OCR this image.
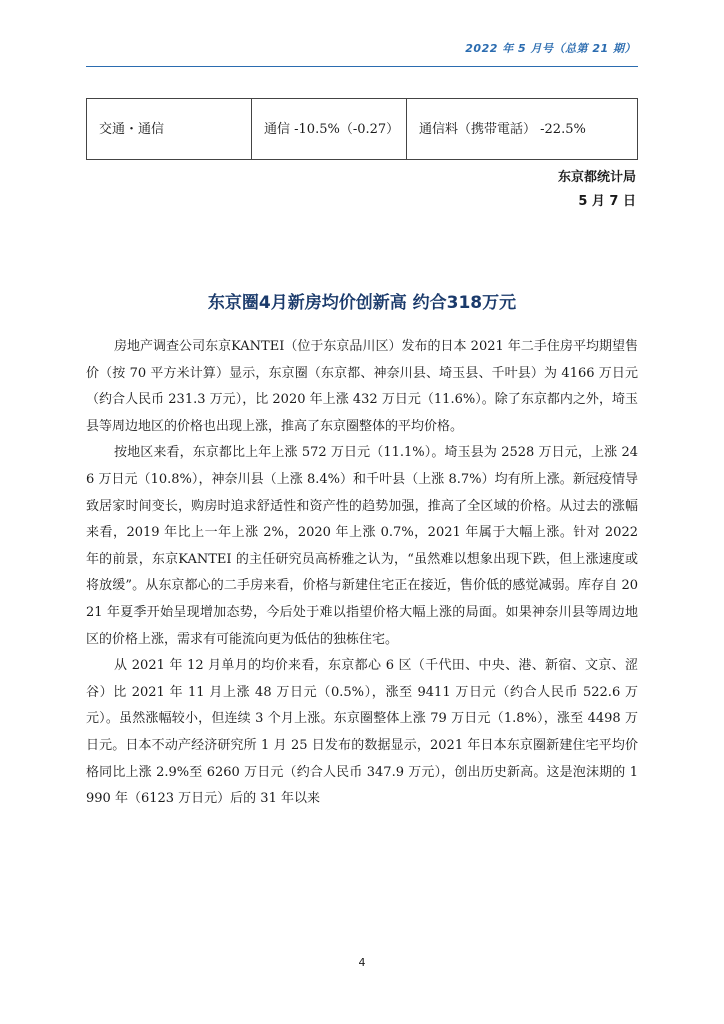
2022 年 5 月号（总第 21 期）
交通・通信	通信 -10.5%（-0.27）	通信料（携带電話） -22.5%
东京都统计局
5 月 7 日
东京圈4月新房均价创新高 约合318万元

房地产调查公司东京KANTEI（位于东京品川区）发布的日本 2021 年二手住房平均期望售价（按 70 平方米计算）显示，东京圈（东京都、神奈川县、埼玉县、千叶县）为 4166 万日元（约合人民币 231.3 万元），比 2020 年上涨 432 万日元（11.6%）。除了东京都内之外，埼玉县等周边地区的价格也出现上涨，推高了东京圈整体的平均价格。

按地区来看，东京都比上年上涨 572 万日元（11.1%）。埼玉县为 2528 万日元，上涨 246 万日元（10.8%），神奈川县（上涨 8.4%）和千叶县（上涨 8.7%）均有所上涨。新冠疫情导致居家时间变长，购房时追求舒适性和资产性的趋势加强，推高了全区域的价格。从过去的涨幅来看，2019 年比上一年上涨 2%，2020 年上涨 0.7%，2021 年属于大幅上涨。针对 2022 年的前景，东京KANTEI 的主任研究员高桥雅之认为，“虽然难以想象出现下跌，但上涨速度或将放缓”。从东京都心的二手房来看，价格与新建住宅正在接近，售价低的感觉减弱。库存自 2021 年夏季开始呈现增加态势，今后处于难以指望价格大幅上涨的局面。如果神奈川县等周边地区的价格上涨，需求有可能流向更为低估的独栋住宅。

从 2021 年 12 月单月的均价来看，东京都心 6 区（千代田、中央、港、新宿、文京、涩谷）比 2021 年 11 月上涨 48 万日元（0.5%），涨至 9411 万日元（约合人民币 522.6 万元）。虽然涨幅较小，但连续 3 个月上涨。东京圈整体上涨 79 万日元（1.8%），涨至 4498 万日元。日本不动产经济研究所 1 月 25 日发布的数据显示，2021 年日本东京圈新建住宅平均价格同比上涨 2.9%至 6260 万日元（约合人民币 347.9 万元），创出历史新高。这是泡沫期的 1990 年（6123 万日元）后的 31 年以来

4
